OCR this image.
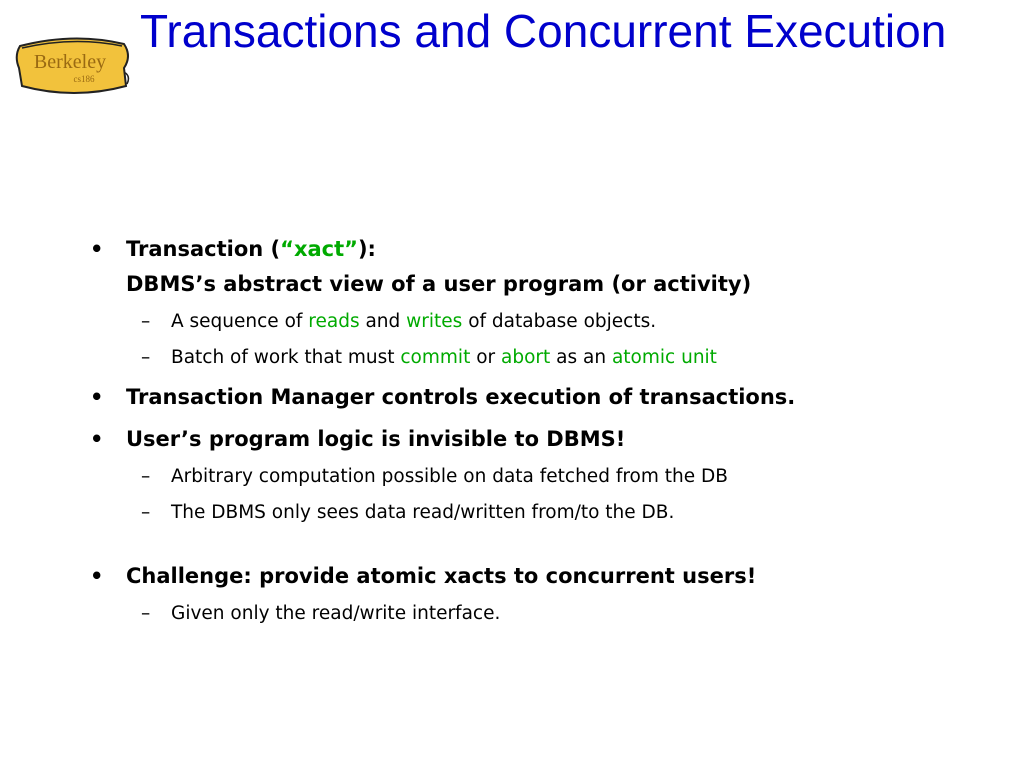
Berkeley
cs186
Transactions and Concurrent Execution
• Transaction (“xact”):
DBMS’s abstract view of a user program (or activity)
– A sequence of reads and writes of database objects.
– Batch of work that must commit or abort as an atomic unit
• Transaction Manager controls execution of transactions.
• User’s program logic is invisible to DBMS!
– Arbitrary computation possible on data fetched from the DB
– The DBMS only sees data read/written from/to the DB.
• Challenge: provide atomic xacts to concurrent users!
– Given only the read/write interface.
